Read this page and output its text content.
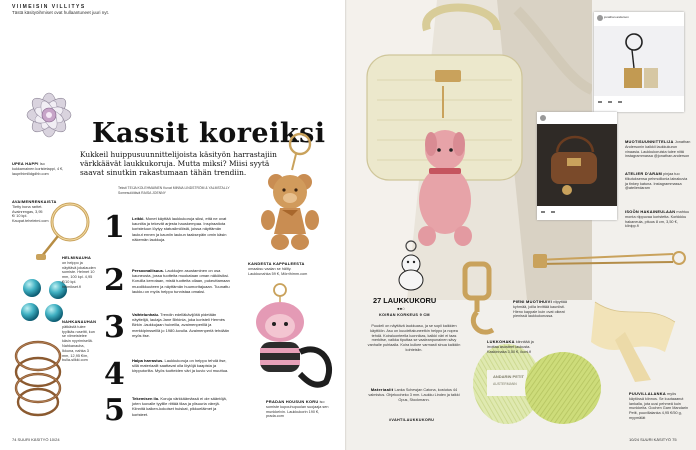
VIIMEISIN VILLITYS
Tästä käsityöihmiset ovat hullaantuneet juuri nyt.
UPEA HAPPI Iso kukkamainen koristetappi, 4 €, lauprihimilidgdhb.com
AVAIMENRENKAISTA Tietty bona raritet. Avainrengas, 3,95 €/ 10 kpl. Kaupat.teheleimi.com
HELMINAUHA on helppo ja näyttävä jokalauden somiste. Helmet 10 mm, 100 kpl. 4,95 €/10 kpl. helmikset.fi
NAHKANAUHAN pätkästä tulee tyylikäs ruseltti, kun se viimeistelee käsin nyyrimisellä. Nahkanauha, Ikkuna, nahka 3 mm, 12,95 €/m, bulla-silkki.com
Kassit koreiksi
Kukkeil huippusuunnittelijoista käsityön harrastajiin värkkäävät laukkukoruja. Mutta miksi? Miisi syytä saavat sinutkin rakastumaan tähän trendiin.
Teksti TEIJA KOLEHMAINEN Kuvat MINNA LINDSTRÖM & YALMSTALLY
Somesuiöitävä RAISA JOENNY
1 Leikki. Monet käyttää laukkukoruja siksi, että ne ovat kauniita ja tekevät arjesta hauskempaa. Inspiraatiota koristeluun löytyy statusilmiöistä, joissa näyttämän laukut ennen ja kauniin laukun taaksepäin omin käsin näkemän laukkuja.
2 Persoonallisuus. Laukkujen asustaminen on osa kauneusta, jossa tuotteita muokataan oman näköisiksi. Koruilla kerrotaan, mistä tuotteita ollaan, pukeuttamaan muodikkuuteen ja näyttämän huumoritajuaan. Tuunattu laukku on myös helppo tunnistaa omaksi.
3 Vaihtelunhalu. Trendin edelläkävijöitä pidetään näyttelijä, laulaja Jane Birkinia, joka koristeli Hermès Birkin -laukkujaan huiveilla, avaimenperillä ja merkkipinsseillä jo 1980-luvulla. Avaimenperiä tehdään myös itse.
4 Halpa harrastus. Laukkukoruja on helppo tehdä itse, sillä materiaalit saattavat olla löytöjä kaapista ja kirpputorilta. Myös tuotteiden väri ja kuvio voi muuttua.
5 Tekemisen ilo. Koruja värkkäämässä ei ole sääntöjä, joten luovalle tyylille riittää tilaa ja ylisuuria värejä. Kiinnitä kaiken-kokoiset huiskat, pikkueläimet ja koristeet.
KANDESTA KAPPALEESTA omaaksu vaalan se hälity. Laukkunahka 59 €, Mörrihimm.com
PRADAN HOUSUN KORU iso somiste kupouhupuolan suojaaja sen munkkelvin. Laukkukorin 190 €, prada.com
74 SUURI KÄSITYÖ 10/24
jonathan.anderson
MUOTISUUNNITTELIJA Jonathan Andersonin kaikkii laukkukurun vinaasia. Laukkukoruista tulee niitä instagrammassa @jonathan.anderson
ATELIER D'ARAM pinjaa tuo tilkutuksensa pehmollionia lainakuvia ja tinkey katuna. Instagrammassa @atelierdaram
ISOÖN HAKAINEULAAN mahtuu monta riippuvaa koristetta. Korkkkku hakaneula, pituus 8 cm, 3,50 €, klinipp.fi
27 LAUKKUKORU
●●○
KOIRAN KORKEUS 9 CM
Puudeli on näyttävä laukkuasu, ja se sopii kaikkien käyttöön. Asu on kuudeltakuneetkin helppo ja nopea tehdä. Koiraluonteella luonnikas, kaikki väri ei taas merkitse, vaikka tiputtaa se vaaleanpunainen sävy vanhalle puhtaalla. Koira kulkee varmasti sinua kaikkiin kohteisiin.
Materiaalit Lanka Schewjan Catona, kostutus 44 valmistus. Ohjekooheko 3 mm. Laukku Lindex ja taikki Opus, Stockmann.
#VAHTILAUKKUKORU
ANDARIN PETIT
AUSTERMANN
PIENI MUOTIHUIVI viipyttää kyhmää, joilla levittää kauniisti. Hieno kappale kuin ovat oikeat pienissä laukkukorussa.
LUKKOHAKA kiinnitää ja irrottaa asusteet laukusta. Kaskinnaka 3,50 €, ikoni.fi
PUUVILLALANKA myös käytössä kiinnos. Se kuutaaanut lankalla, jota uusi pehmeä kuin munkkeita. Gochen Garn Mandarin Petit, puuvillalanka 4,95 €/50 g, myymälät
10/24 SUURI KÄSITYÖ 75
